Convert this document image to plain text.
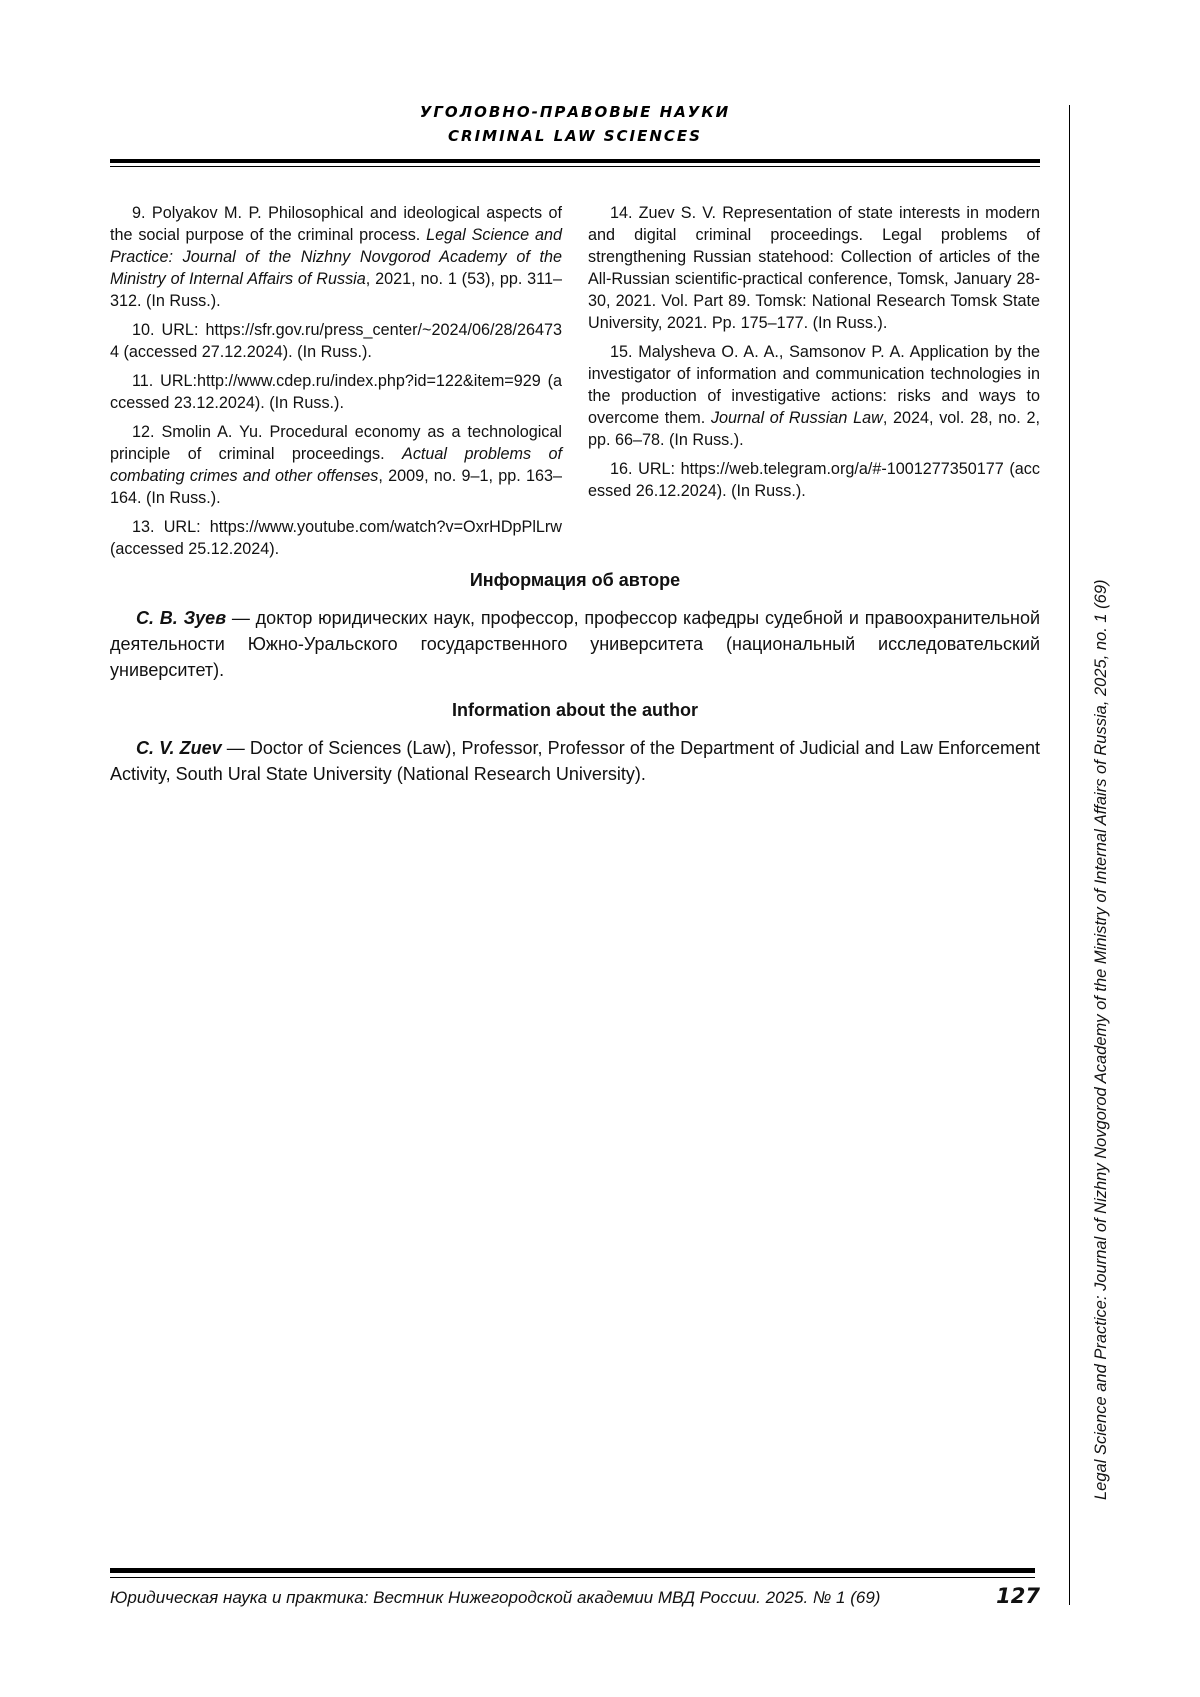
УГОЛОВНО-ПРАВОВЫЕ НАУКИ
CRIMINAL LAW SCIENCES

9. Polyakov M. P. Philosophical and ideological aspects of the social purpose of the criminal process. Legal Science and Practice: Journal of the Nizhny Novgorod Academy of the Ministry of Internal Affairs of Russia, 2021, no. 1 (53), pp. 311–312. (In Russ.).

10. URL: https://sfr.gov.ru/press_center/~2024/06/28/264734 (accessed 27.12.2024). (In Russ.).

11. URL:http://www.cdep.ru/index.php?id=122&item=929 (accessed 23.12.2024). (In Russ.).

12. Smolin A. Yu. Procedural economy as a technological principle of criminal proceedings. Actual problems of combating crimes and other offenses, 2009, no. 9–1, pp. 163–164. (In Russ.).

13. URL: https://www.youtube.com/watch?v=OxrHDpPlLrw (accessed 25.12.2024).

14. Zuev S. V. Representation of state interests in modern and digital criminal proceedings. Legal problems of strengthening Russian statehood: Collection of articles of the All-Russian scientific-practical conference, Tomsk, January 28-30, 2021. Vol. Part 89. Tomsk: National Research Tomsk State University, 2021. Pp. 175–177. (In Russ.).

15. Malysheva O. A. A., Samsonov P. A. Application by the investigator of information and communication technologies in the production of investigative actions: risks and ways to overcome them. Journal of Russian Law, 2024, vol. 28, no. 2, pp. 66–78. (In Russ.).

16. URL: https://web.telegram.org/a/#-1001277350177 (accessed 26.12.2024). (In Russ.).

Информация об авторе

С. В. Зуев — доктор юридических наук, профессор, профессор кафедры судебной и правоохранительной деятельности Южно-Уральского государственного университета (национальный исследовательский университет).

Information about the author

C. V. Zuev — Doctor of Sciences (Law), Professor, Professor of the Department of Judicial and Law Enforcement Activity, South Ural State University (National Research University).	Legal Science and Practice: Journal of Nizhny Novgorod Academy of the Ministry of Internal Affairs of Russia, 2025, no. 1 (69)
Юридическая наука и практика: Вестник Нижегородской академии МВД России. 2025. № 1 (69)	127
